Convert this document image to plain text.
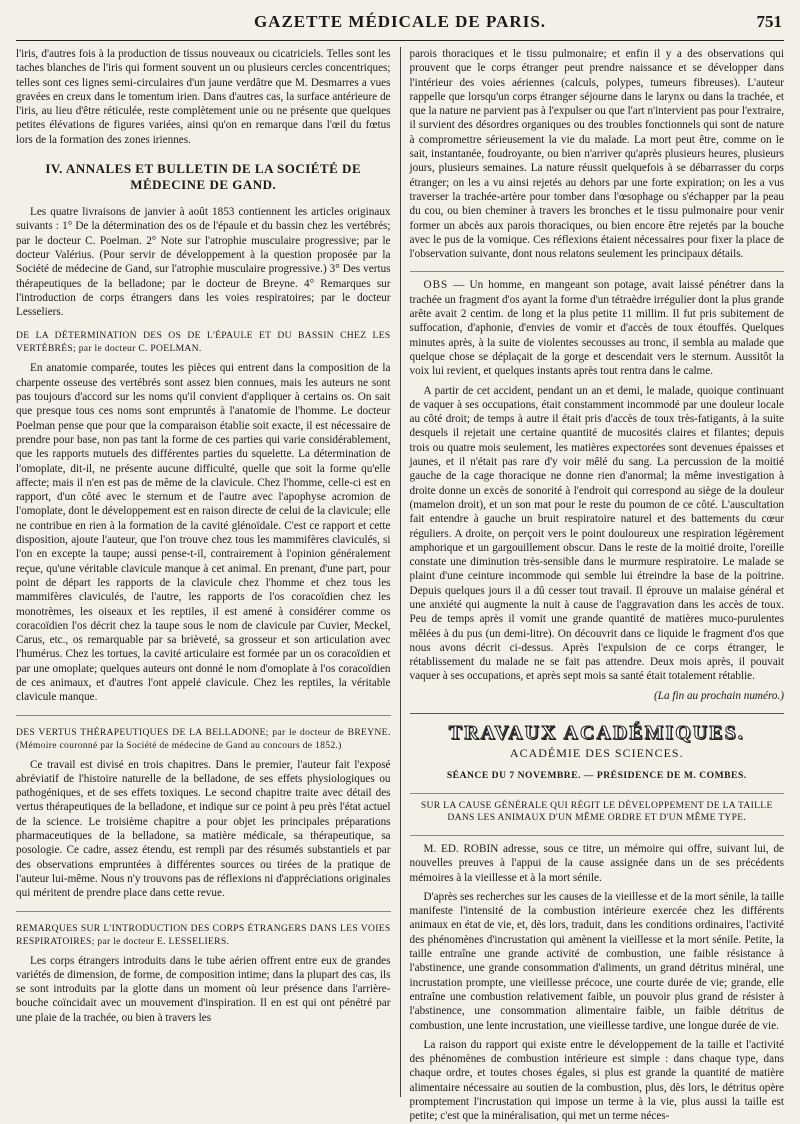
GAZETTE MÉDICALE DE PARIS.	751

l'iris, d'autres fois à la production de tissus nouveaux ou cicatriciels. Telles sont les taches blanches de l'iris qui forment souvent un ou plusieurs cercles concentriques; telles sont ces lignes semi-circulaires d'un jaune verdâtre que M. Desmarres a vues gravées en creux dans le tomentum irien. Dans d'autres cas, la surface antérieure de l'iris, au lieu d'être réticulée, reste complètement unie ou ne présente que quelques petites élévations de figures variées, ainsi qu'on en remarque dans l'œil du fœtus lors de la formation des zones iriennes.

IV. ANNALES ET BULLETIN DE LA SOCIÉTÉ DE MÉDECINE DE GAND.

Les quatre livraisons de janvier à août 1853 contiennent les articles originaux suivants : 1° De la détermination des os de l'épaule et du bassin chez les vertébrés; par le docteur C. Poelman. 2° Note sur l'atrophie musculaire progressive; par le docteur Valérius. (Pour servir de développement à la question proposée par la Société de médecine de Gand, sur l'atrophie musculaire progressive.) 3° Des vertus thérapeutiques de la belladone; par le docteur de Breyne. 4° Remarques sur l'introduction de corps étrangers dans les voies respiratoires; par le docteur Lesseliers.

DE LA DÉTERMINATION DES OS DE L'ÉPAULE ET DU BASSIN CHEZ LES VERTÉBRÉS; par le docteur C. POELMAN.

En anatomie comparée, toutes les pièces qui entrent dans la composition de la charpente osseuse des vertébrés sont assez bien connues, mais les auteurs ne sont pas toujours d'accord sur les noms qu'il convient d'appliquer à certains os. On sait que presque tous ces noms sont empruntés à l'anatomie de l'homme. Le docteur Poelman pense que pour que la comparaison établie soit exacte, il est nécessaire de prendre pour base, non pas tant la forme de ces parties qui varie considérablement, que les rapports mutuels des différentes parties du squelette. La détermination de l'omoplate, dit-il, ne présente aucune difficulté, quelle que soit la forme qu'elle affecte; mais il n'en est pas de même de la clavicule. Chez l'homme, celle-ci est en rapport, d'un côté avec le sternum et de l'autre avec l'apophyse acromion de l'omoplate, dont le développement est en raison directe de celui de la clavicule; elle ne contribue en rien à la formation de la cavité glénoïdale. C'est ce rapport et cette disposition, ajoute l'auteur, que l'on trouve chez tous les mammifères claviculés, si l'on en excepte la taupe; aussi pense-t-il, contrairement à l'opinion généralement reçue, qu'une véritable clavicule manque à cet animal. En prenant, d'une part, pour point de départ les rapports de la clavicule chez l'homme et chez tous les mammifères claviculés, de l'autre, les rapports de l'os coracoïdien chez les monotrèmes, les oiseaux et les reptiles, il est amené à considérer comme os coracoïdien l'os décrit chez la taupe sous le nom de clavicule par Cuvier, Meckel, Carus, etc., os remarquable par sa brièveté, sa grosseur et son articulation avec l'humérus. Chez les tortues, la cavité articulaire est formée par un os coracoïdien et par une omoplate; quelques auteurs ont donné le nom d'omoplate à l'os coracoïdien de ces animaux, et d'autres l'ont appelé clavicule. Chez les reptiles, la véritable clavicule manque.

DES VERTUS THÉRAPEUTIQUES DE LA BELLADONE; par le docteur de BREYNE. (Mémoire couronné par la Société de médecine de Gand au concours de 1852.)

Ce travail est divisé en trois chapitres. Dans le premier, l'auteur fait l'exposé abréviatif de l'histoire naturelle de la belladone, de ses effets physiologiques ou pathogéniques, et de ses effets toxiques. Le second chapitre traite avec détail des vertus thérapeutiques de la belladone, et indique sur ce point à peu près l'état actuel de la science. Le troisième chapitre a pour objet les principales préparations pharmaceutiques de la belladone, sa matière médicale, sa thérapeutique, sa posologie. Ce cadre, assez étendu, est rempli par des résumés substantiels et par des observations empruntées à différentes sources ou tirées de la pratique de l'auteur lui-même. Nous n'y trouvons pas de réflexions ni d'appréciations originales qui méritent de prendre place dans cette revue.

REMARQUES SUR L'INTRODUCTION DES CORPS ÉTRANGERS DANS LES VOIES RESPIRATOIRES; par le docteur E. LESSELIERS.

Les corps étrangers introduits dans le tube aérien offrent entre eux de grandes variétés de dimension, de forme, de composition intime; dans la plupart des cas, ils se sont introduits par la glotte dans un moment où leur présence dans l'arrière-bouche coïncidait avec un mouvement d'inspiration. Il en est qui ont pénétré par une plaie de la trachée, ou bien à travers les

parois thoraciques et le tissu pulmonaire; et enfin il y a des observations qui prouvent que le corps étranger peut prendre naissance et se développer dans l'intérieur des voies aériennes (calculs, polypes, tumeurs fibreuses). L'auteur rappelle que lorsqu'un corps étranger séjourne dans le larynx ou dans la trachée, et que la nature ne parvient pas à l'expulser ou que l'art n'intervient pas pour l'extraire, il survient des désordres organiques ou des troubles fonctionnels qui sont de nature à compromettre sérieusement la vie du malade. La mort peut être, comme on le sait, instantanée, foudroyante, ou bien n'arriver qu'après plusieurs heures, plusieurs jours, plusieurs semaines. La nature réussit quelquefois à se débarrasser du corps étranger; on les a vu ainsi rejetés au dehors par une forte expiration; on les a vus traverser la trachée-artère pour tomber dans l'œsophage ou s'échapper par la peau du cou, ou bien cheminer à travers les bronches et le tissu pulmonaire pour venir former un abcès aux parois thoraciques, ou bien encore être rejetés par la bouche avec le pus de la vomique. Ces réflexions étaient nécessaires pour fixer la place de l'observation suivante, dont nous relatons seulement les principaux détails.

OBS — Un homme, en mangeant son potage, avait laissé pénétrer dans la trachée un fragment d'os ayant la forme d'un tétraèdre irrégulier dont la plus grande arête avait 2 centim. de long et la plus petite 11 millim. Il fut pris subitement de suffocation, d'aphonie, d'envies de vomir et d'accès de toux étouffés. Quelques minutes après, à la suite de violentes secousses au tronc, il sembla au malade que quelque chose se déplaçait de la gorge et descendait vers le sternum. Aussitôt la voix lui revient, et quelques instants après tout rentra dans le calme.

A partir de cet accident, pendant un an et demi, le malade, quoique continuant de vaquer à ses occupations, était constamment incommodé par une douleur locale au côté droit; de temps à autre il était pris d'accès de toux très-fatigants, à la suite desquels il rejetait une certaine quantité de mucosités claires et filantes; depuis trois ou quatre mois seulement, les matières expectorées sont devenues épaisses et jaunes, et il n'était pas rare d'y voir mêlé du sang. La percussion de la moitié gauche de la cage thoracique ne donne rien d'anormal; la même investigation à droite donne un excès de sonorité à l'endroit qui correspond au siège de la douleur (mamelon droit), et un son mat pour le reste du poumon de ce côté. L'auscultation fait entendre à gauche un bruit respiratoire naturel et des battements du cœur réguliers. A droite, on perçoit vers le point douloureux une respiration légèrement amphorique et un gargouillement obscur. Dans le reste de la moitié droite, l'oreille constate une diminution très-sensible dans le murmure respiratoire. Le malade se plaint d'une ceinture incommode qui semble lui étreindre la base de la poitrine. Depuis quelques jours il a dû cesser tout travail. Il éprouve un malaise général et une anxiété qui augmente la nuit à cause de l'aggravation dans les accès de toux. Peu de temps après il vomit une grande quantité de matières muco-purulentes mêlées à du pus (un demi-litre). On découvrit dans ce liquide le fragment d'os que nous avons décrit ci-dessus. Après l'expulsion de ce corps étranger, le rétablissement du malade ne se fait pas attendre. Deux mois après, il pouvait vaquer à ses occupations, et après sept mois sa santé était totalement rétablie.

(La fin au prochain numéro.)

TRAVAUX ACADÉMIQUES.
ACADÉMIE DES SCIENCES.
SÉANCE DU 7 NOVEMBRE. — PRÉSIDENCE DE M. COMBES.
SUR LA CAUSE GÉNÉRALE QUI RÉGIT LE DÉVELOPPEMENT DE LA TAILLE DANS LES ANIMAUX D'UN MÊME ORDRE ET D'UN MÊME TYPE.

M. ED. ROBIN adresse, sous ce titre, un mémoire qui offre, suivant lui, de nouvelles preuves à l'appui de la cause assignée dans un de ses précédents mémoires à la vieillesse et à la mort sénile.

D'après ses recherches sur les causes de la vieillesse et de la mort sénile, la taille manifeste l'intensité de la combustion intérieure exercée chez les différents animaux en état de vie, et, dès lors, traduit, dans les conditions ordinaires, l'activité des phénomènes d'incrustation qui amènent la vieillesse et la mort sénile. Petite, la taille entraîne une grande activité de combustion, une faible résistance à l'abstinence, une grande consommation d'aliments, un grand détritus minéral, une incrustation prompte, une vieillesse précoce, une courte durée de vie; grande, elle entraîne une combustion relativement faible, un pouvoir plus grand de résister à l'abstinence, une consommation alimentaire faible, un faible détritus de combustion, une lente incrustation, une vieillesse tardive, une longue durée de vie.

La raison du rapport qui existe entre le développement de la taille et l'activité des phénomènes de combustion intérieure est simple : dans chaque type, dans chaque ordre, et toutes choses égales, si plus est grande la quantité de matière alimentaire nécessaire au soutien de la combustion, plus, dès lors, le détritus opère promptement l'incrustation qui impose un terme à la vie, plus aussi la taille est petite; c'est que la minéralisation, qui met un terme néces-
